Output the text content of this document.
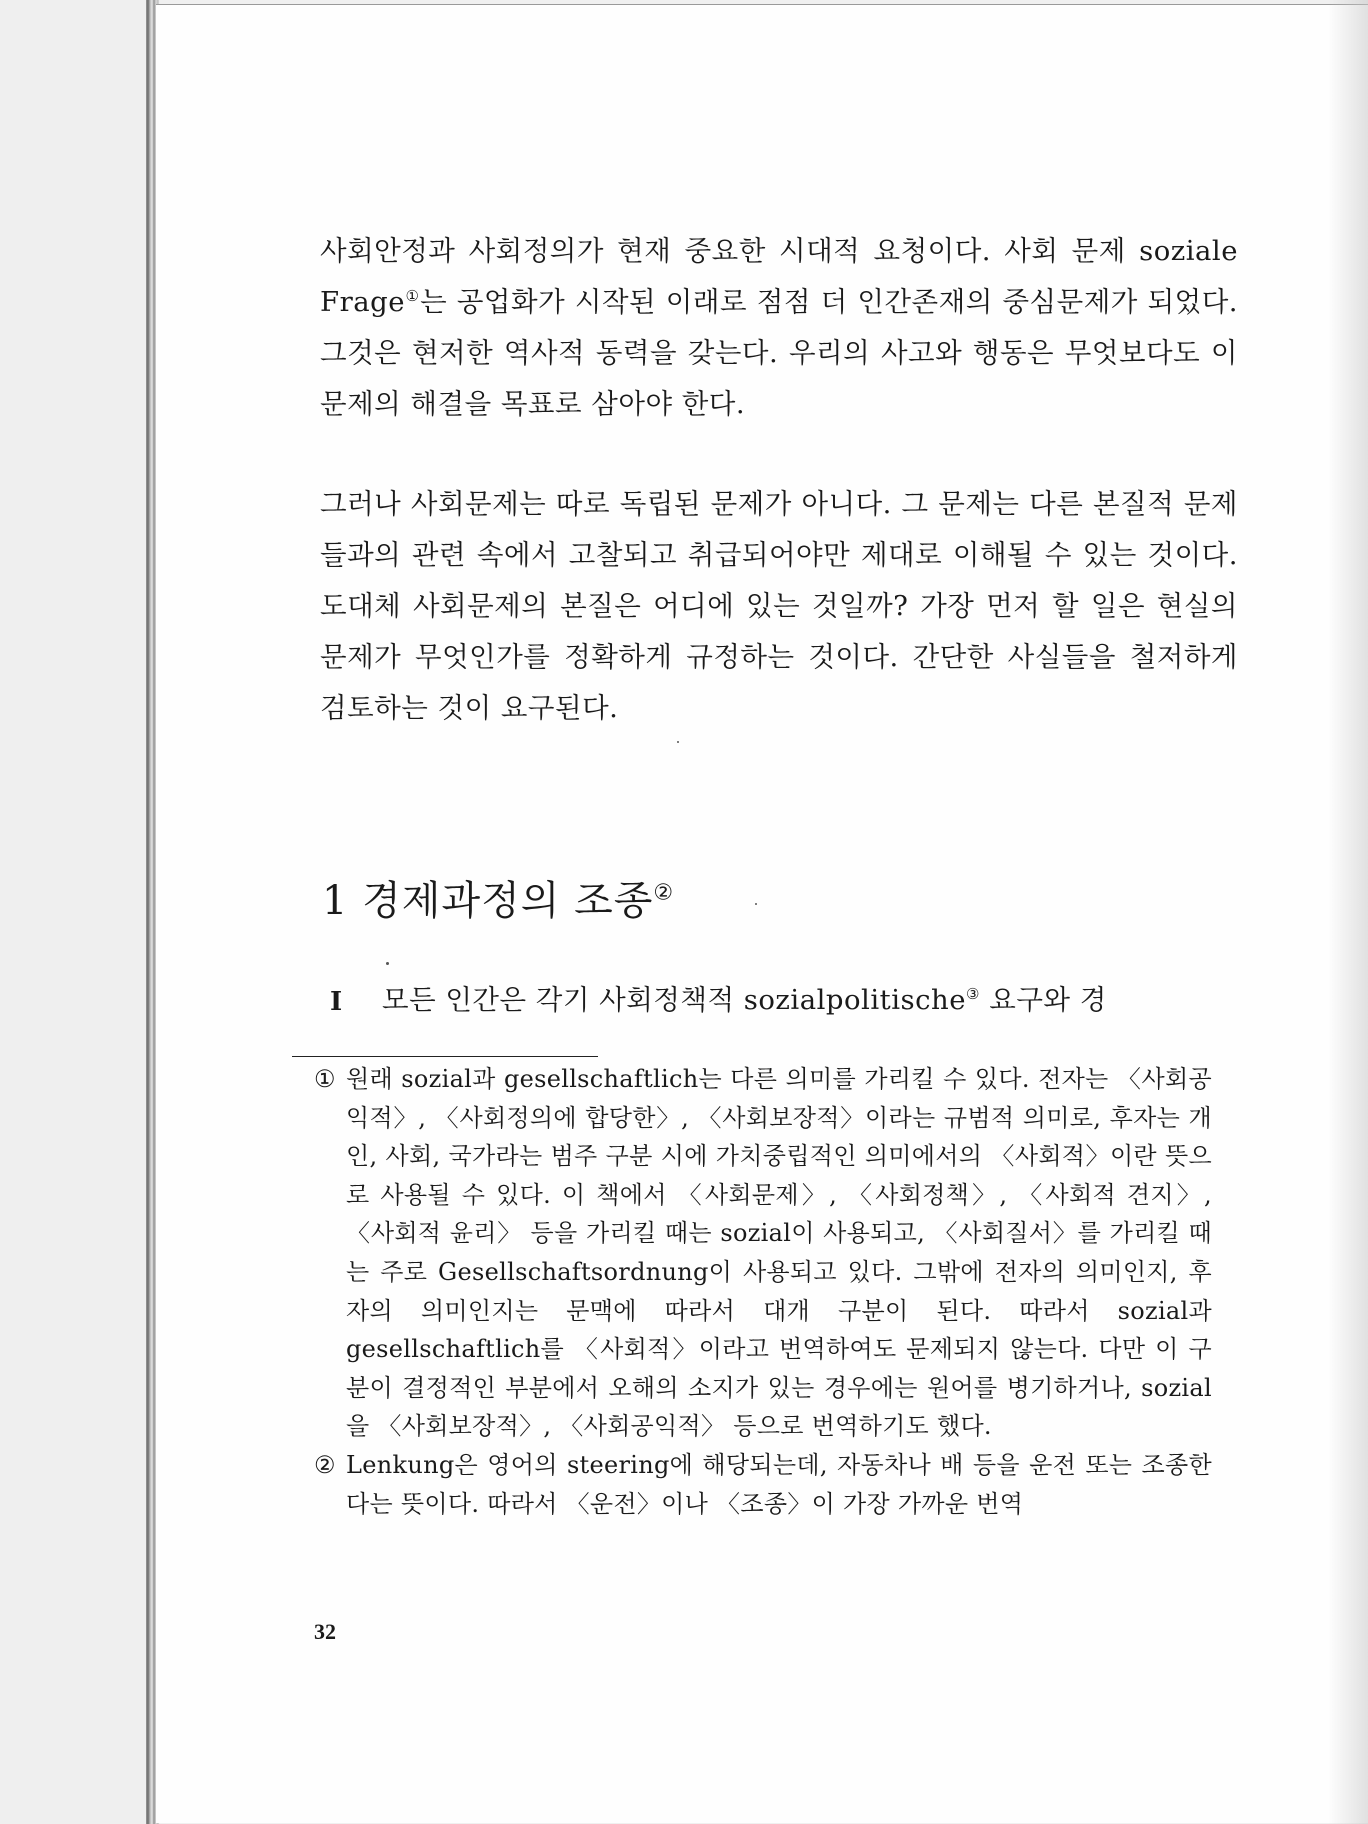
사회안정과 사회정의가 현재 중요한 시대적 요청이다. 사회 문제 soziale Frage①는 공업화가 시작된 이래로 점점 더 인간존재의 중심문제가 되었다. 그것은 현저한 역사적 동력을 갖는다. 우리의 사고와 행동은 무엇보다도 이 문제의 해결을 목표로 삼아야 한다.

그러나 사회문제는 따로 독립된 문제가 아니다. 그 문제는 다른 본질적 문제들과의 관련 속에서 고찰되고 취급되어야만 제대로 이해될 수 있는 것이다. 도대체 사회문제의 본질은 어디에 있는 것일까? 가장 먼저 할 일은 현실의 문제가 무엇인가를 정확하게 규정하는 것이다. 간단한 사실들을 철저하게 검토하는 것이 요구된다.

1 경제과정의 조종②
I 모든 인간은 각기 사회정책적 sozialpolitische③ 요구와 경

① 원래 sozial과 gesellschaftlich는 다른 의미를 가리킬 수 있다. 전자는 〈사회공익적〉, 〈사회정의에 합당한〉, 〈사회보장적〉이라는 규범적 의미로, 후자는 개인, 사회, 국가라는 범주 구분 시에 가치중립적인 의미에서의 〈사회적〉이란 뜻으로 사용될 수 있다. 이 책에서 〈사회문제〉, 〈사회정책〉, 〈사회적 견지〉, 〈사회적 윤리〉 등을 가리킬 때는 sozial이 사용되고, 〈사회질서〉를 가리킬 때는 주로 Gesellschaftsordnung이 사용되고 있다. 그밖에 전자의 의미인지, 후자의 의미인지는 문맥에 따라서 대개 구분이 된다. 따라서 sozial과 gesellschaftlich를 〈사회적〉이라고 번역하여도 문제되지 않는다. 다만 이 구분이 결정적인 부분에서 오해의 소지가 있는 경우에는 원어를 병기하거나, sozial을 〈사회보장적〉, 〈사회공익적〉 등으로 번역하기도 했다.

② Lenkung은 영어의 steering에 해당되는데, 자동차나 배 등을 운전 또는 조종한다는 뜻이다. 따라서 〈운전〉이나 〈조종〉이 가장 가까운 번역

32
